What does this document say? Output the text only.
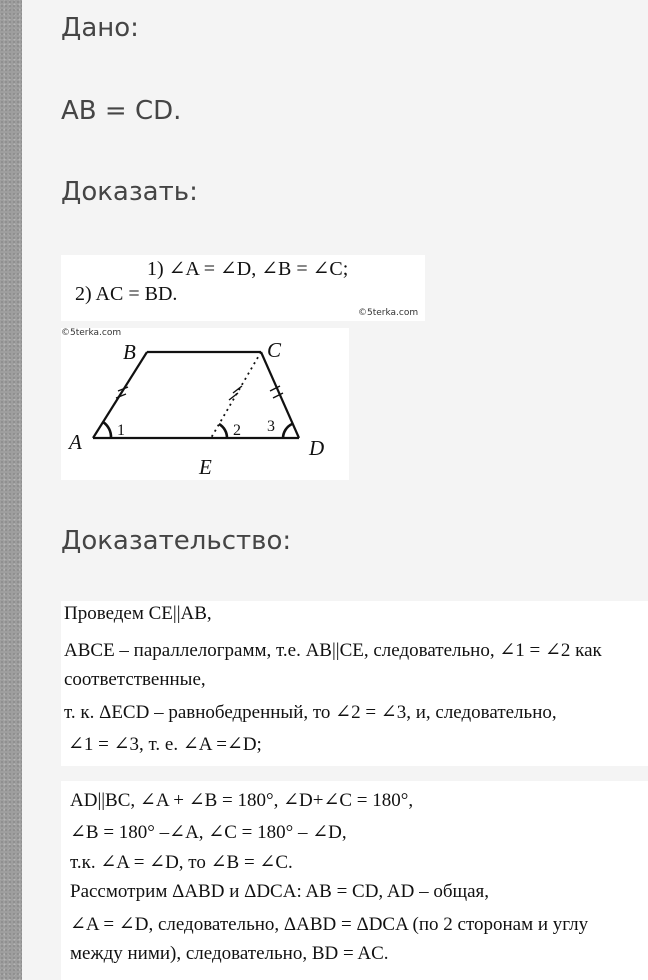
Дано:
AB = CD.
Доказать:
1) ∠A = ∠D, ∠B = ∠C;
2) AC = BD.
©5terka.com
©5terka.com
A
B	C
D
E
1	2 3
Доказательство:
Проведем CE||AB,
ABCE – параллелограмм, т.е. AB||CE, следовательно, ∠1 = ∠2 как
соответственные,
т. к. ΔECD – равнобедренный, то ∠2 = ∠3, и, следовательно,
∠1 = ∠3, т. е. ∠A =∠D;
AD||BC, ∠A + ∠B = 180°, ∠D+∠C = 180°,
∠B = 180° –∠A, ∠C = 180° – ∠D,
т.к. ∠A = ∠D, то ∠B = ∠C.
Рассмотрим ΔABD и ΔDCA: AB = CD, AD – общая,
∠A = ∠D, следовательно, ΔABD = ΔDCA (по 2 сторонам и углу
между ними), следовательно, BD = AC.
